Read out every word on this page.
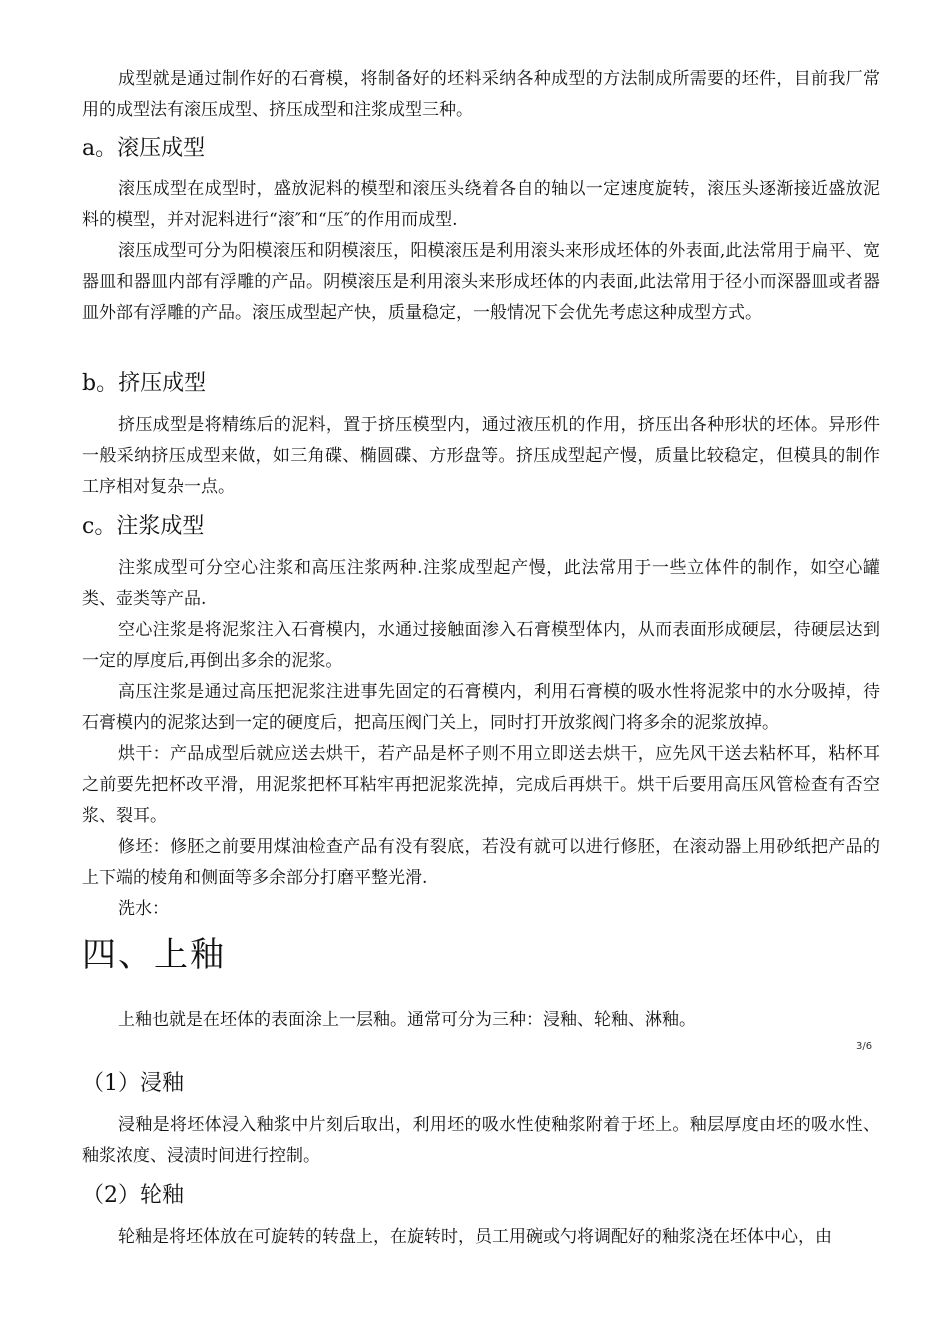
成型就是通过制作好的石膏模，将制备好的坯料采纳各种成型的方法制成所需要的坯件，目前我厂常用的成型法有滚压成型、挤压成型和注浆成型三种。

a。滚压成型

滚压成型在成型时，盛放泥料的模型和滚压头绕着各自的轴以一定速度旋转，滚压头逐渐接近盛放泥料的模型，并对泥料进行“滚″和“压″的作用而成型.

滚压成型可分为阳模滚压和阴模滚压，阳模滚压是利用滚头来形成坯体的外表面,此法常用于扁平、宽器皿和器皿内部有浮雕的产品。阴模滚压是利用滚头来形成坯体的内表面,此法常用于径小而深器皿或者器皿外部有浮雕的产品。滚压成型起产快，质量稳定，一般情况下会优先考虑这种成型方式。

b。挤压成型

挤压成型是将精练后的泥料，置于挤压模型内，通过液压机的作用，挤压出各种形状的坯体。异形件一般采纳挤压成型来做，如三角碟、椭圆碟、方形盘等。挤压成型起产慢，质量比较稳定，但模具的制作工序相对复杂一点。

c。注浆成型

注浆成型可分空心注浆和高压注浆两种.注浆成型起产慢，此法常用于一些立体件的制作，如空心罐类、壶类等产品.

空心注浆是将泥浆注入石膏模内，水通过接触面渗入石膏模型体内，从而表面形成硬层，待硬层达到一定的厚度后,再倒出多余的泥浆。

高压注浆是通过高压把泥浆注进事先固定的石膏模内，利用石膏模的吸水性将泥浆中的水分吸掉，待石膏模内的泥浆达到一定的硬度后，把高压阀门关上，同时打开放浆阀门将多余的泥浆放掉。

烘干：产品成型后就应送去烘干，若产品是杯子则不用立即送去烘干，应先风干送去粘杯耳，粘杯耳之前要先把杯改平滑，用泥浆把杯耳粘牢再把泥浆洗掉，完成后再烘干。烘干后要用高压风管检查有否空浆、裂耳。

修坯：修胚之前要用煤油检查产品有没有裂底，若没有就可以进行修胚，在滚动器上用砂纸把产品的上下端的棱角和侧面等多余部分打磨平整光滑.

洗水：

四、上釉

上釉也就是在坯体的表面涂上一层釉。通常可分为三种：浸釉、轮釉、淋釉。

（1）浸釉

浸釉是将坯体浸入釉浆中片刻后取出，利用坯的吸水性使釉浆附着于坯上。釉层厚度由坯的吸水性、釉浆浓度、浸渍时间进行控制。

（2）轮釉

轮釉是将坯体放在可旋转的转盘上，在旋转时，员工用碗或勺将调配好的釉浆浇在坯体中心，由

3/6
